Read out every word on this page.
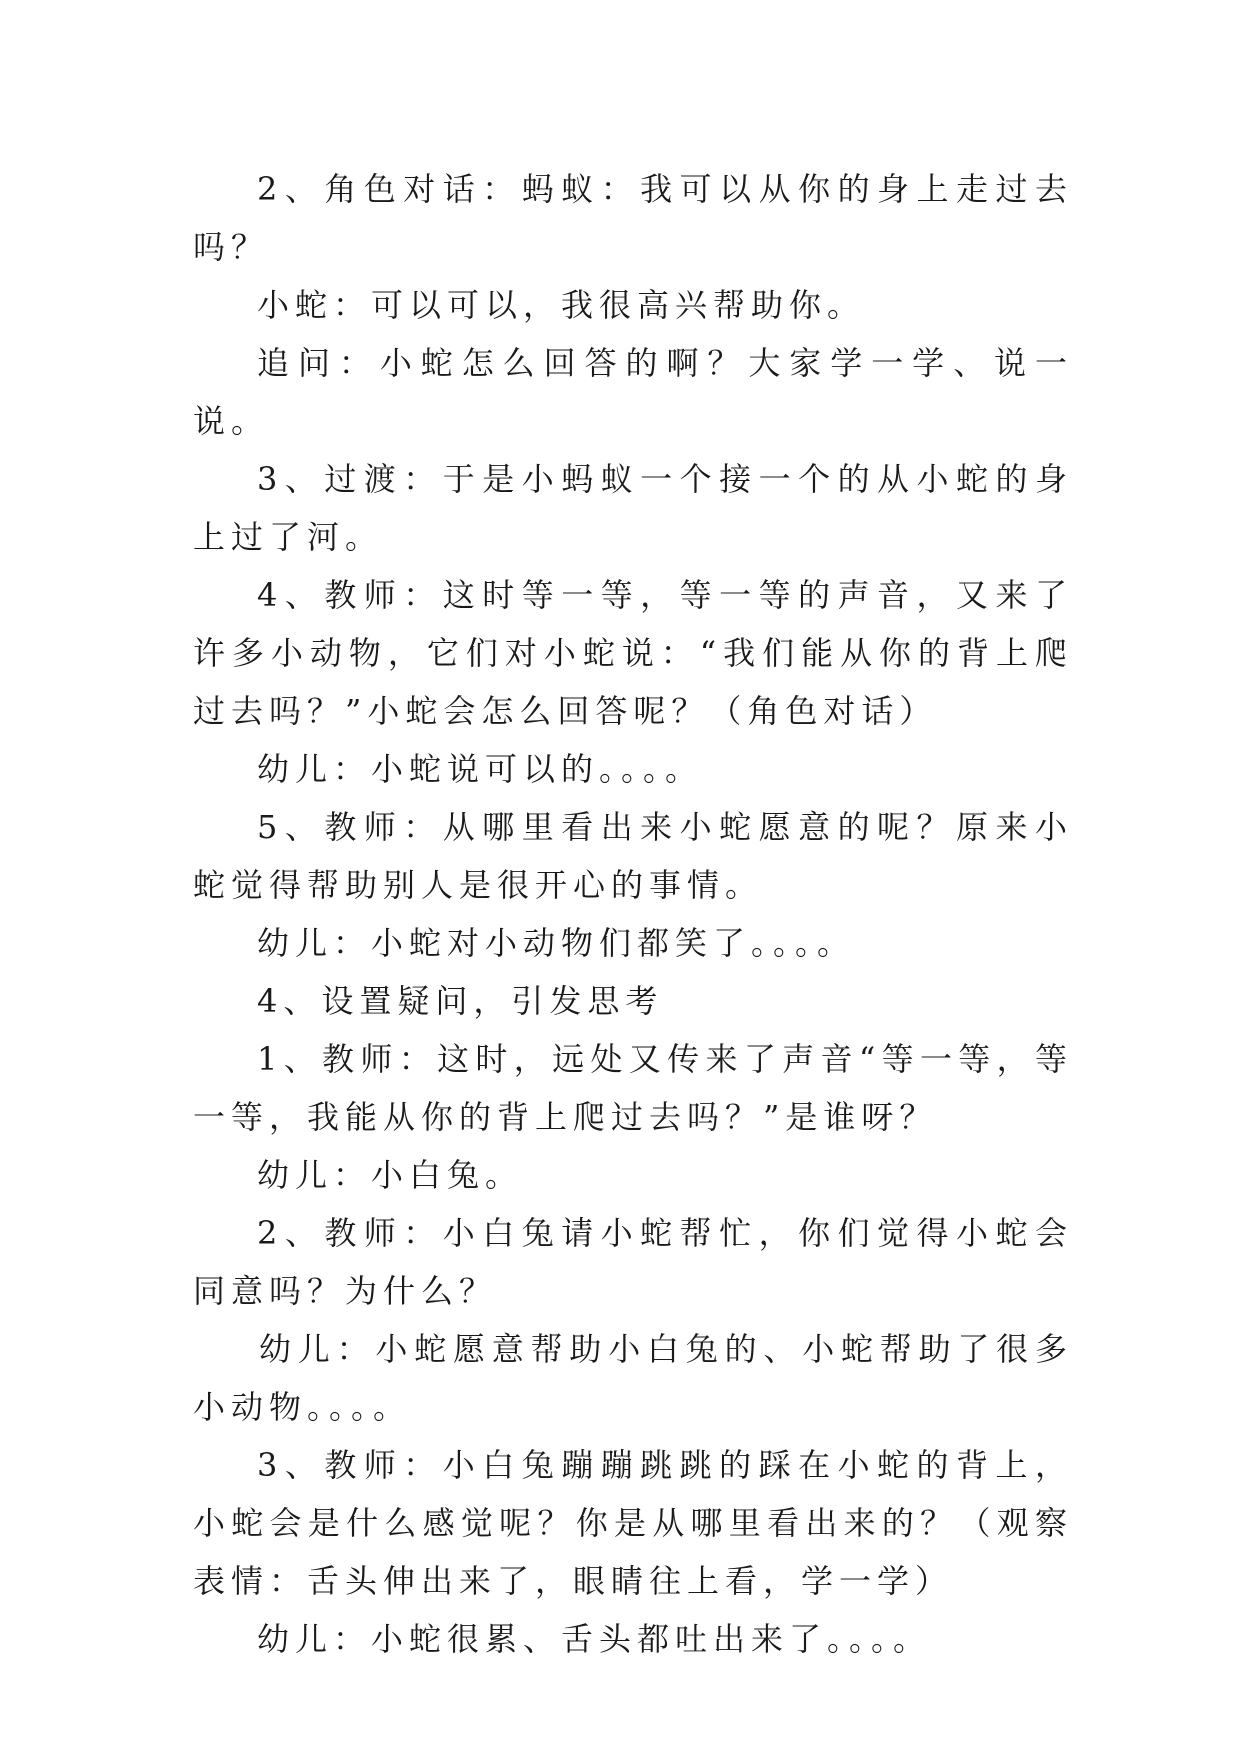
2、角色对话：蚂蚁：我可以从你的身上走过去吗？

小蛇：可以可以，我很高兴帮助你。

追问：小蛇怎么回答的啊？大家学一学、说一说。

3、过渡：于是小蚂蚁一个接一个的从小蛇的身上过了河。

4、教师：这时等一等，等一等的声音，又来了许多小动物，它们对小蛇说：“我们能从你的背上爬过去吗？”小蛇会怎么回答呢？（角色对话）

幼儿：小蛇说可以的。。。。

5、教师：从哪里看出来小蛇愿意的呢？原来小蛇觉得帮助别人是很开心的事情。

幼儿：小蛇对小动物们都笑了。。。。

4、设置疑问，引发思考

1、教师：这时，远处又传来了声音“等一等，等一等，我能从你的背上爬过去吗？”是谁呀？

幼儿：小白兔。

2、教师：小白兔请小蛇帮忙，你们觉得小蛇会同意吗？为什么？

幼儿：小蛇愿意帮助小白兔的、小蛇帮助了很多小动物。。。。

3、教师：小白兔蹦蹦跳跳的踩在小蛇的背上，小蛇会是什么感觉呢？你是从哪里看出来的？（观察表情：舌头伸出来了，眼睛往上看，学一学）

幼儿：小蛇很累、舌头都吐出来了。。。。
